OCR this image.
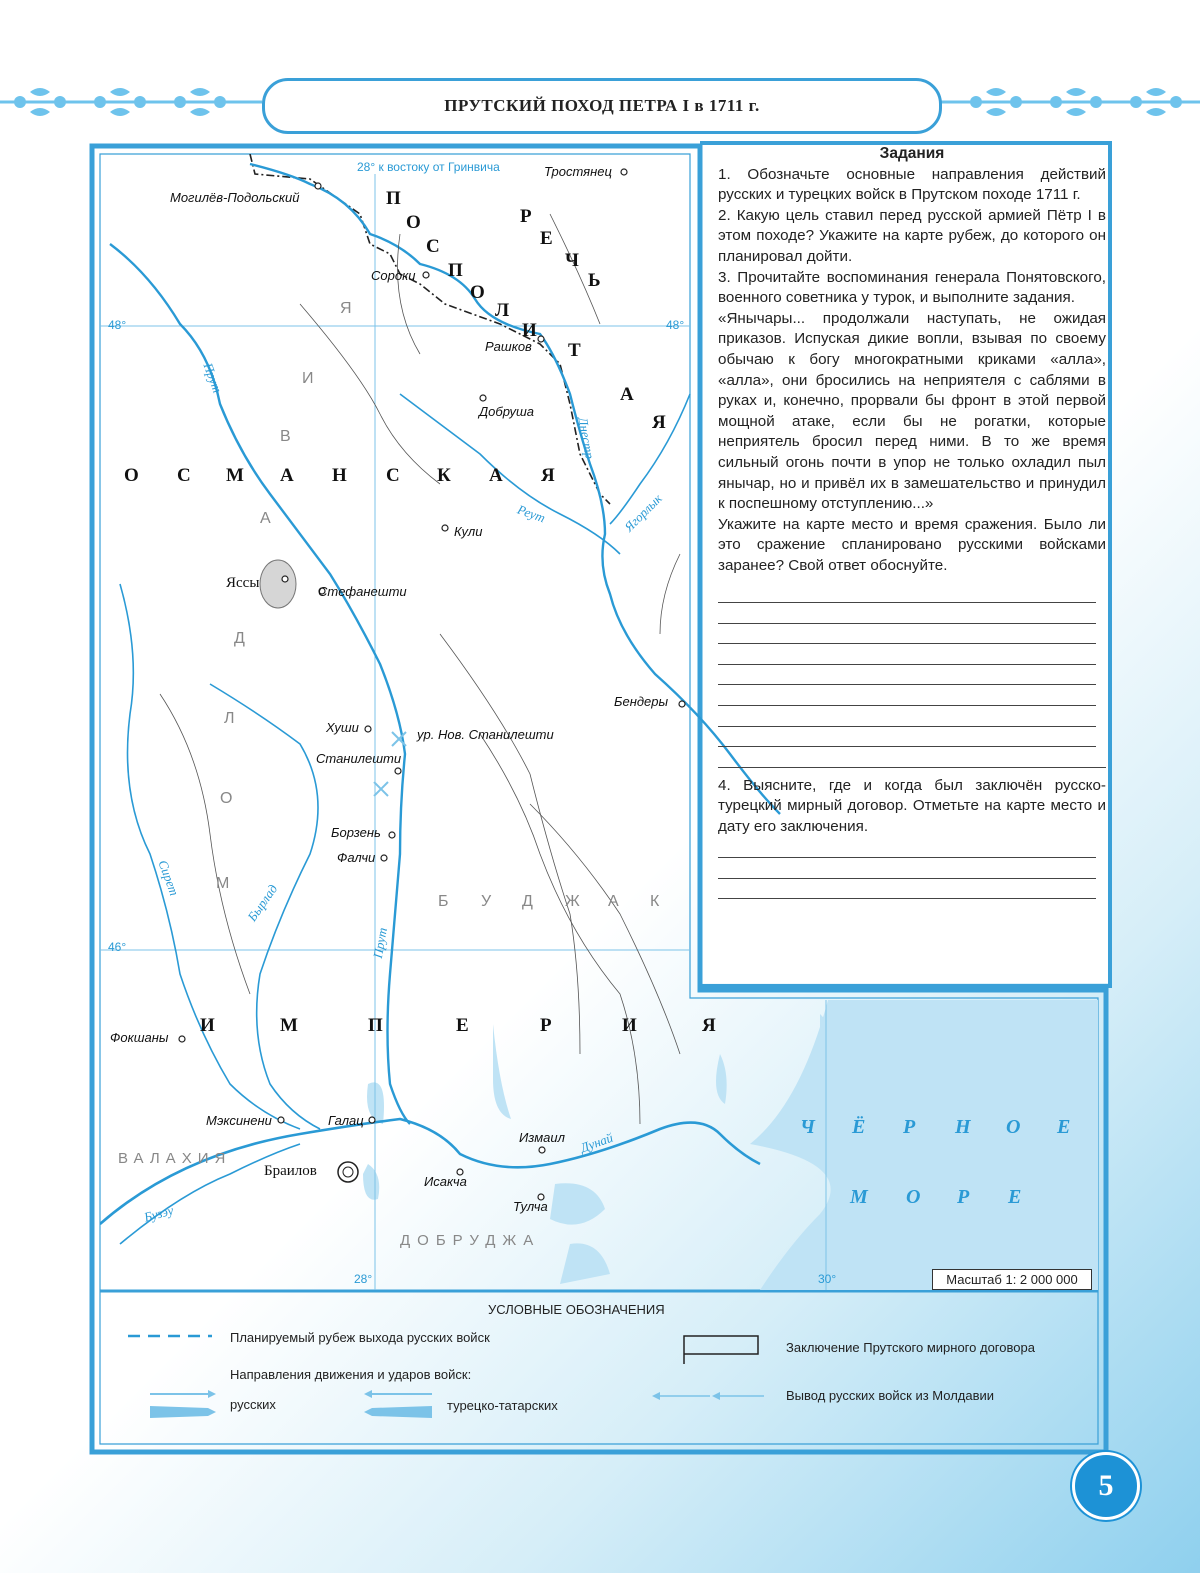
ПРУТСКИЙ ПОХОД ПЕТРА I в 1711 г.
28° к востоку от Гринвича
48°	48°
46°
28°	30°	Масштаб 1: 2 000 000
Тростянец
Могилёв-Подольский
Сороки
Рашков
Добруша
Кули
Яссы
Стефанешти
Бендеры
Хуши	ур. Нов. Станилешти
Станилешти
Борзень
Фалчи
Фокшаны
Мэксинени	Галац
Браилов
Измаил
Исакча
Тулча
Прут
Прут
Днестр
Реут	Ягорлык
Сирет
Бырлад
Дунай
Бузэу
Р
Е
Ч
Ь
П
О
С
П
О
Л
И
Т
А
Я
О С М А Н С К А Я
И	М	П	Е	Р	И	Я
М
О
Л
Д
А
В
И
Я
Б У Д Ж А К
ВАЛАХИЯ
ДОБРУДЖА
Ч Ё Р Н О Е
М О Р Е
Задания

1. Обозначьте основные направления действий русских и турецких войск в Прутском походе 1711 г.

2. Какую цель ставил перед русской армией Пётр I в этом походе? Укажите на карте рубеж, до которого он планировал дойти.

3. Прочитайте воспоминания генерала Понятовского, военного советника у турок, и выполните задания.

«Янычары... продолжали наступать, не ожидая приказов. Испуская дикие вопли, взывая по своему обычаю к богу многократными криками «алла», «алла», они бросились на неприятеля с саблями в руках и, конечно, прорвали бы фронт в этой первой мощной атаке, если бы не рогатки, которые неприятель бросил перед ними. В то же время сильный огонь почти в упор не только охладил пыл янычар, но и привёл их в замешательство и принудил к поспешному отступлению...»

Укажите на карте место и время сражения. Было ли это сражение спланировано русскими войсками заранее? Свой ответ обоснуйте.

4. Выясните, где и когда был заключён русско-турецкий мирный договор. Отметьте на карте место и дату его заключения.

УСЛОВНЫЕ ОБОЗНАЧЕНИЯ
Планируемый рубеж выхода русских войск
Направления движения и ударов войск:
русских	турецко-татарских
Заключение Прутского мирного договора
Вывод русских войск из Молдавии
5
